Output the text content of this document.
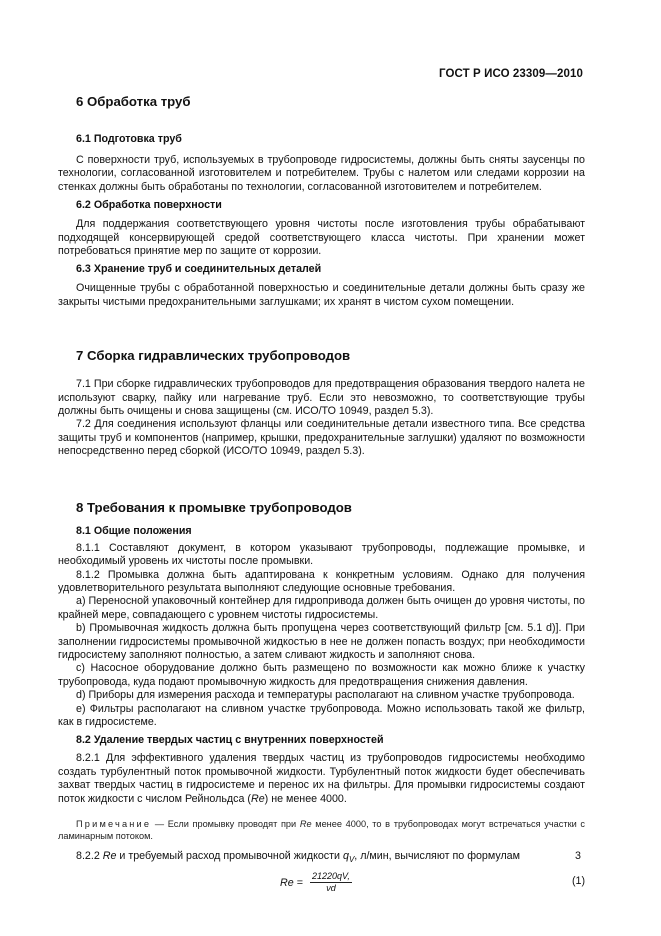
ГОСТ Р ИСО 23309—2010
6 Обработка труб
6.1 Подготовка труб

С поверхности труб, используемых в трубопроводе гидросистемы, должны быть сняты заусенцы по технологии, согласованной изготовителем и потребителем. Трубы с налетом или следами коррозии на стенках должны быть обработаны по технологии, согласованной изготовителем и потребителем.

6.2 Обработка поверхности

Для поддержания соответствующего уровня чистоты после изготовления трубы обрабатывают подходящей консервирующей средой соответствующего класса чистоты. При хранении может потребоваться принятие мер по защите от коррозии.

6.3 Хранение труб и соединительных деталей

Очищенные трубы с обработанной поверхностью и соединительные детали должны быть сразу же закрыты чистыми предохранительными заглушками; их хранят в чистом сухом помещении.

7 Сборка гидравлических трубопроводов

7.1 При сборке гидравлических трубопроводов для предотвращения образования твердого налета не используют сварку, пайку или нагревание труб. Если это невозможно, то соответствующие трубы должны быть очищены и снова защищены (см. ИСО/ТО 10949, раздел 5.3).

7.2 Для соединения используют фланцы или соединительные детали известного типа. Все средства защиты труб и компонентов (например, крышки, предохранительные заглушки) удаляют по возможности непосредственно перед сборкой (ИСО/ТО 10949, раздел 5.3).

8 Требования к промывке трубопроводов
8.1 Общие положения

8.1.1 Составляют документ, в котором указывают трубопроводы, подлежащие промывке, и необходимый уровень их чистоты после промывки.

8.1.2 Промывка должна быть адаптирована к конкретным условиям. Однако для получения удовлетворительного результата выполняют следующие основные требования.

a) Переносной упаковочный контейнер для гидропривода должен быть очищен до уровня чистоты, по крайней мере, совпадающего с уровнем чистоты гидросистемы.

b) Промывочная жидкость должна быть пропущена через соответствующий фильтр [см. 5.1 d)]. При заполнении гидросистемы промывочной жидкостью в нее не должен попасть воздух; при необходимости гидросистему заполняют полностью, а затем сливают жидкость и заполняют снова.

c) Насосное оборудование должно быть размещено по возможности как можно ближе к участку трубопровода, куда подают промывочную жидкость для предотвращения снижения давления.

d) Приборы для измерения расхода и температуры располагают на сливном участке трубопровода.

e) Фильтры располагают на сливном участке трубопровода. Можно использовать такой же фильтр, как в гидросистеме.

8.2 Удаление твердых частиц с внутренних поверхностей

8.2.1 Для эффективного удаления твердых частиц из трубопроводов гидросистемы необходимо создать турбулентный поток промывочной жидкости. Турбулентный поток жидкости будет обеспечивать захват твердых частиц в гидросистеме и перенос их на фильтры. Для промывки гидросистемы создают поток жидкости с числом Рейнольдса (Re) не менее 4000.

Примечание — Если промывку проводят при Re менее 4000, то в трубопроводах могут встречаться участки с ламинарным потоком.

8.2.2 Re и требуемый расход промывочной жидкости $q_V$, л/мин, вычисляют по формулам

$Re = \frac{21220qV,}{\nu d}$	(1)
3
